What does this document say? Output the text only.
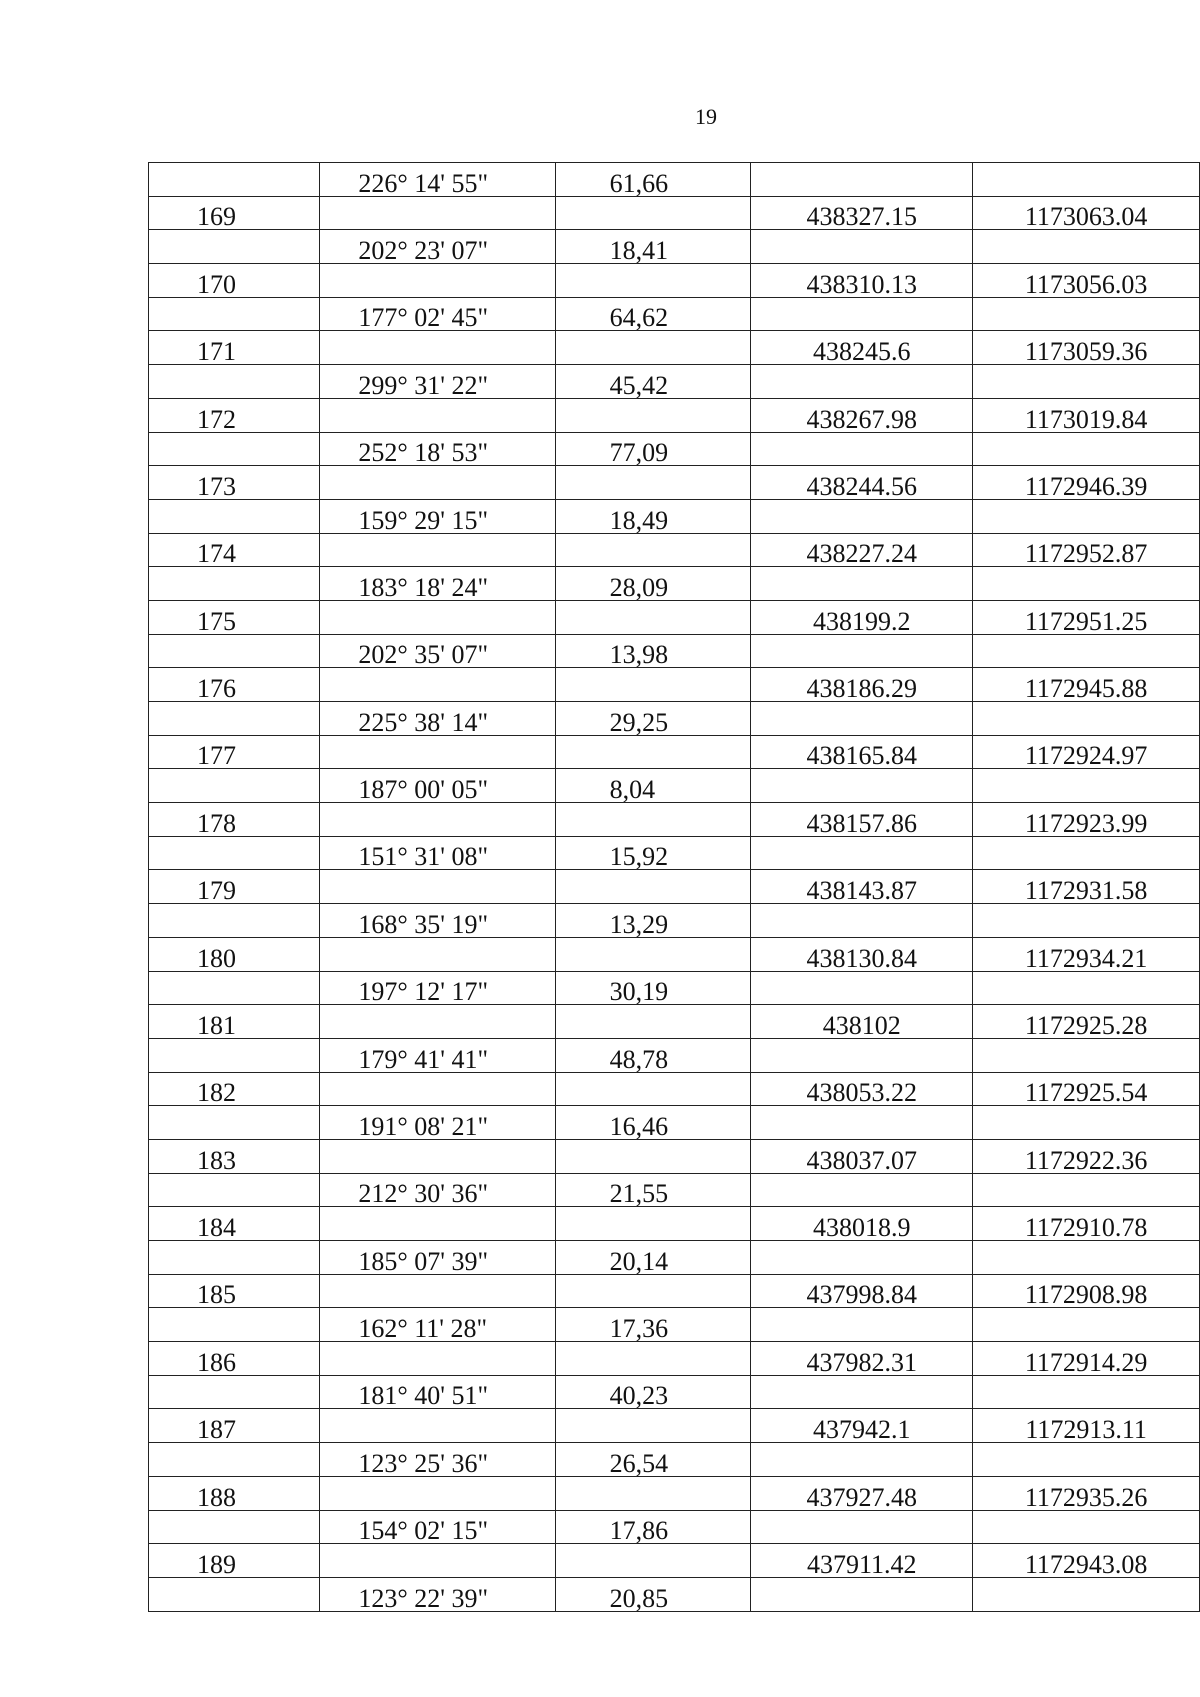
19
	226° 14' 55"	61,66		
169			438327.15	1173063.04
	202° 23' 07"	18,41		
170			438310.13	1173056.03
	177° 02' 45"	64,62		
171			438245.6	1173059.36
	299° 31' 22"	45,42		
172			438267.98	1173019.84
	252° 18' 53"	77,09		
173			438244.56	1172946.39
	159° 29' 15"	18,49		
174			438227.24	1172952.87
	183° 18' 24"	28,09		
175			438199.2	1172951.25
	202° 35' 07"	13,98		
176			438186.29	1172945.88
	225° 38' 14"	29,25		
177			438165.84	1172924.97
	187° 00' 05"	8,04		
178			438157.86	1172923.99
	151° 31' 08"	15,92		
179			438143.87	1172931.58
	168° 35' 19"	13,29		
180			438130.84	1172934.21
	197° 12' 17"	30,19		
181			438102	1172925.28
	179° 41' 41"	48,78		
182			438053.22	1172925.54
	191° 08' 21"	16,46		
183			438037.07	1172922.36
	212° 30' 36"	21,55		
184			438018.9	1172910.78
	185° 07' 39"	20,14		
185			437998.84	1172908.98
	162° 11' 28"	17,36		
186			437982.31	1172914.29
	181° 40' 51"	40,23		
187			437942.1	1172913.11
	123° 25' 36"	26,54		
188			437927.48	1172935.26
	154° 02' 15"	17,86		
189			437911.42	1172943.08
	123° 22' 39"	20,85		
